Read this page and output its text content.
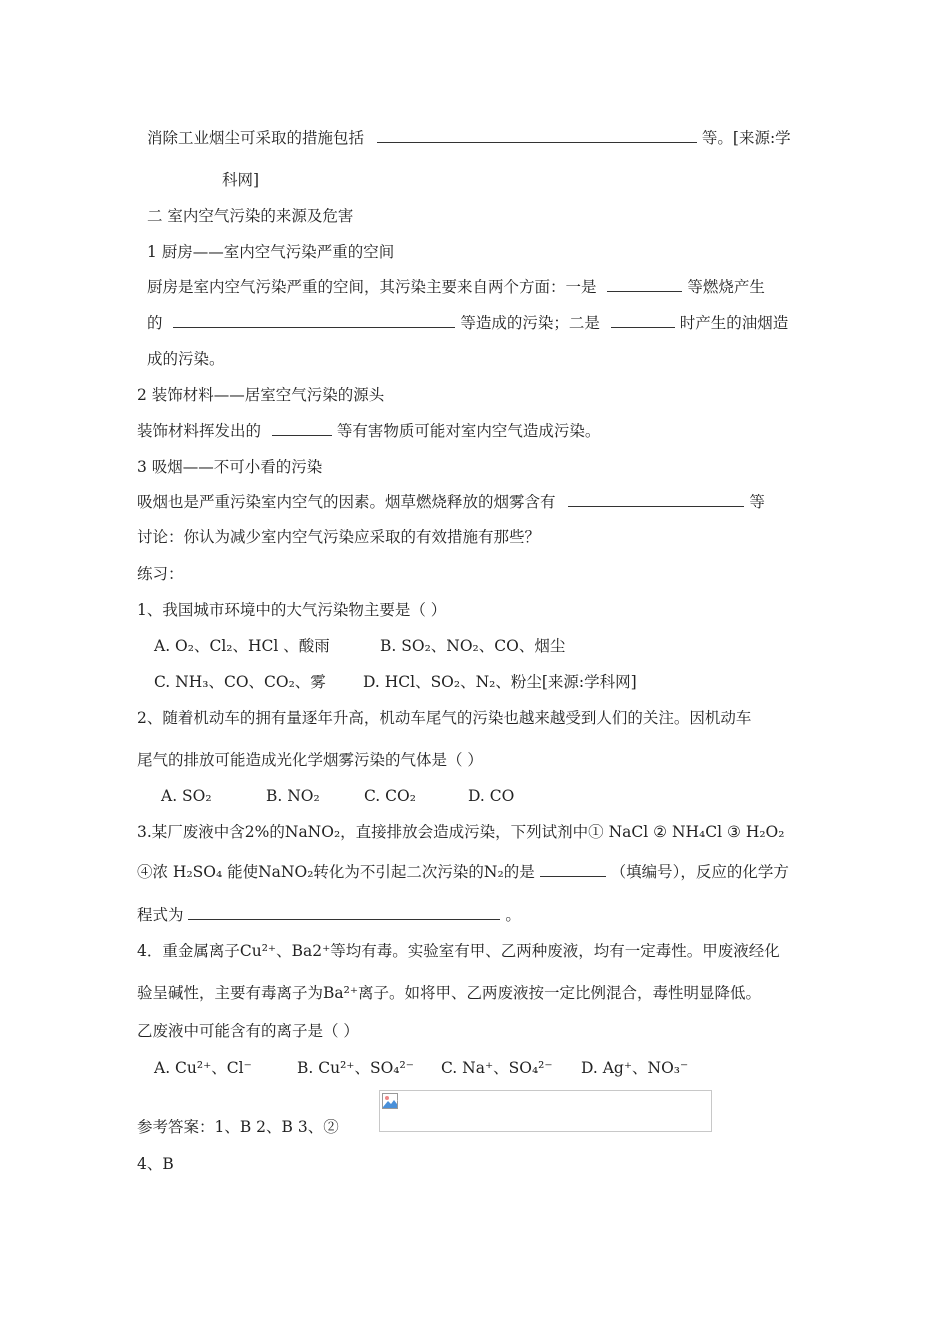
消除工业烟尘可采取的措施包括	等。[来源:学
科网]
二 室内空气污染的来源及危害
1 厨房——室内空气污染严重的空间
厨房是室内空气污染严重的空间，其污染主要来自两个方面：一是	等燃烧产生
的	等造成的污染；二是	时产生的油烟造
成的污染。
2 装饰材料——居室空气污染的源头
装饰材料挥发出的	等有害物质可能对室内空气造成污染。
3 吸烟——不可小看的污染
吸烟也是严重污染室内空气的因素。烟草燃烧释放的烟雾含有	等
讨论：你认为减少室内空气污染应采取的有效措施有那些？
练习：
1、我国城市环境中的大气污染物主要是（ ）
A. O₂、Cl₂、HCl 、酸雨	B. SO₂、NO₂、CO、烟尘
C. NH₃、CO、CO₂、雾 D. HCl、SO₂、N₂、粉尘[来源:学科网]
2、随着机动车的拥有量逐年升高，机动车尾气的污染也越来越受到人们的关注。因机动车
尾气的排放可能造成光化学烟雾污染的气体是（ ）
A. SO₂	B. NO₂	C. CO₂	D. CO
3.某厂废液中含2%的NaNO₂，直接排放会造成污染，下列试剂中① NaCl ② NH₄Cl ③ H₂O₂
④浓 H₂SO₄ 能使NaNO₂转化为不引起二次污染的N₂的是	（填编号），反应的化学方
程式为	。
4．重金属离子Cu²⁺、Ba2⁺等均有毒。实验室有甲、乙两种废液，均有一定毒性。甲废液经化
验呈碱性，主要有毒离子为Ba²⁺离子。如将甲、乙两废液按一定比例混合，毒性明显降低。
乙废液中可能含有的离子是（ ）
A. Cu²⁺、Cl⁻	B. Cu²⁺、SO₄²⁻ C. Na⁺、SO₄²⁻ D. Ag⁺、NO₃⁻
参考答案：1、B 2、B 3、②
4、B
